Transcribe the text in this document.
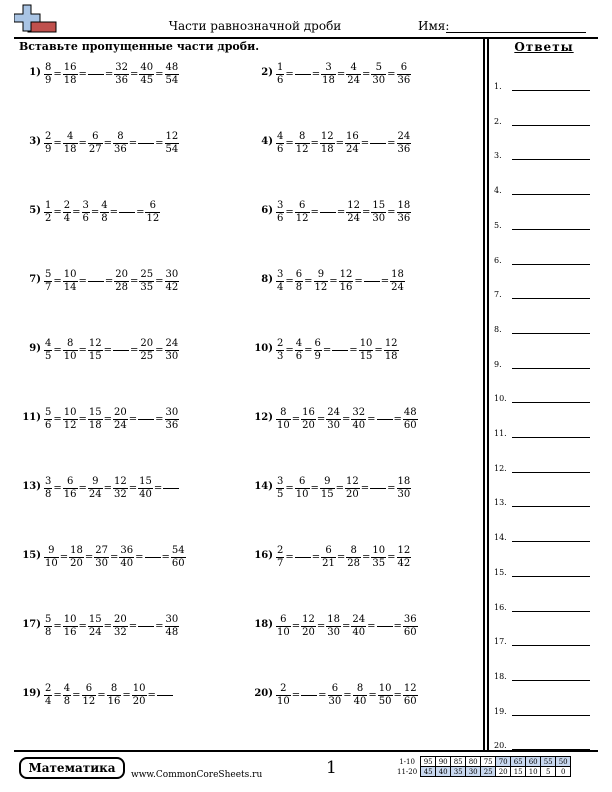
Части равнозначной дроби	Имя:
Вставьте пропущенные части дроби.
$1) \frac{8}{9} = \frac{16}{18}$ = = $\frac{32}{36} = \frac{40}{45} = \frac{48}{54}$	$2) \frac{1}{6}$ = = $\frac{3}{18} = \frac{4}{24} = \frac{5}{30} = \frac{6}{36}$
$3) \frac{2}{9} = \frac{4}{18} = \frac{6}{27} = \frac{8}{36}$ = = $\frac{12}{54}$	$4) \frac{4}{6} = \frac{8}{12} = \frac{12}{18} = \frac{16}{24}$ = = $\frac{24}{36}$
$5) \frac{1}{2} = \frac{2}{4} = \frac{3}{6} = \frac{4}{8}$ = = $\frac{6}{12}$	$6) \frac{3}{6} = \frac{6}{12}$ = = $\frac{12}{24} = \frac{15}{30} = \frac{18}{36}$
$7) \frac{5}{7} = \frac{10}{14}$ = = $\frac{20}{28} = \frac{25}{35} = \frac{30}{42}$	$8) \frac{3}{4} = \frac{6}{8} = \frac{9}{12} = \frac{12}{16}$ = = $\frac{18}{24}$
$9) \frac{4}{5} = \frac{8}{10} = \frac{12}{15}$ = = $\frac{20}{25} = \frac{24}{30}$	$10) \frac{2}{3} = \frac{4}{6} = \frac{6}{9}$ = = $\frac{10}{15} = \frac{12}{18}$
$11) \frac{5}{6} = \frac{10}{12} = \frac{15}{18} = \frac{20}{24}$ = = $\frac{30}{36}$	$12) \frac{8}{10} = \frac{16}{20} = \frac{24}{30} = \frac{32}{40}$ = = $\frac{48}{60}$
$13) \frac{3}{8} = \frac{6}{16} = \frac{9}{24} = \frac{12}{32} = \frac{15}{40}$ =	$14) \frac{3}{5} = \frac{6}{10} = \frac{9}{15} = \frac{12}{20}$ = = $\frac{18}{30}$
$15) \frac{9}{10} = \frac{18}{20} = \frac{27}{30} = \frac{36}{40}$ = = $\frac{54}{60}$	$16) \frac{2}{7}$ = = $\frac{6}{21} = \frac{8}{28} = \frac{10}{35} = \frac{12}{42}$
$17) \frac{5}{8} = \frac{10}{16} = \frac{15}{24} = \frac{20}{32}$ = = $\frac{30}{48}$	$18) \frac{6}{10} = \frac{12}{20} = \frac{18}{30} = \frac{24}{40}$ = = $\frac{36}{60}$
$19) \frac{2}{4} = \frac{4}{8} = \frac{6}{12} = \frac{8}{16} = \frac{10}{20}$ =	$20) \frac{2}{10}$ = = $\frac{6}{30} = \frac{8}{40} = \frac{10}{50} = \frac{12}{60}$
Ответы
1.
2.
3.
4.
5.
6.
7.
8.
9.
10.
11.
12.
13.
14.
15.
16.
17.
18.
19.
20.
Математика	www.CommonCoreSheets.ru	1	1-10	95	90	85	80	75	70	65	60	55	50
11-20	45	40	35	30	25	20	15	10	5	0
